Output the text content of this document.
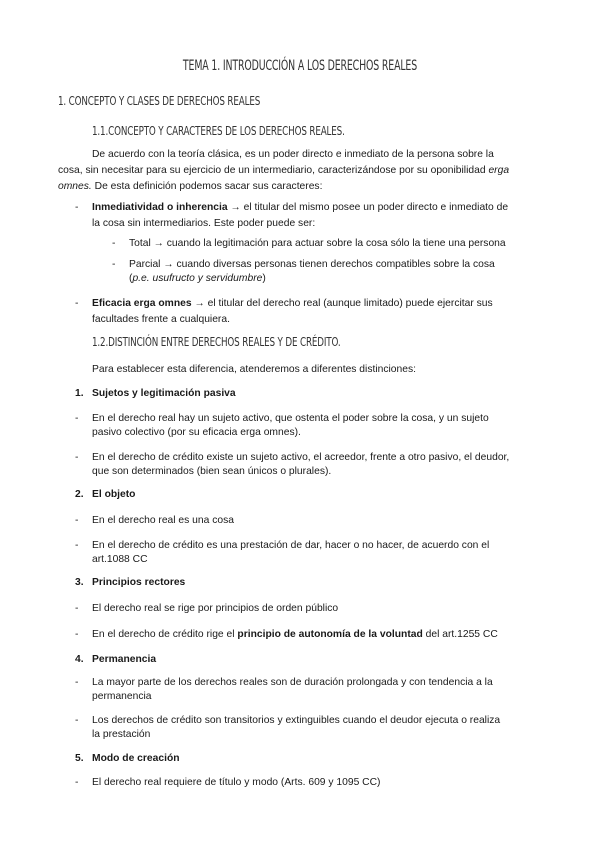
TEMA 1. INTRODUCCIÓN A LOS DERECHOS REALES
1. CONCEPTO Y CLASES DE DERECHOS REALES
1.1.CONCEPTO Y CARACTERES DE LOS DERECHOS REALES.
De acuerdo con la teoría clásica, es un poder directo e inmediato de la persona sobre la
cosa, sin necesitar para su ejercicio de un intermediario, caracterizándose por su oponibilidad erga
omnes. De esta definición podemos sacar sus caracteres:
- Inmediatividad o inherencia → el titular del mismo posee un poder directo e inmediato de
la cosa sin intermediarios. Este poder puede ser:
- Total → cuando la legitimación para actuar sobre la cosa sólo la tiene una persona
- Parcial → cuando diversas personas tienen derechos compatibles sobre la cosa
(p.e. usufructo y servidumbre)
- Eficacia erga omnes → el titular del derecho real (aunque limitado) puede ejercitar sus
facultades frente a cualquiera.
1.2.DISTINCIÓN ENTRE DERECHOS REALES Y DE CRÉDITO.
Para establecer esta diferencia, atenderemos a diferentes distinciones:
1. Sujetos y legitimación pasiva
- En el derecho real hay un sujeto activo, que ostenta el poder sobre la cosa, y un sujeto
pasivo colectivo (por su eficacia erga omnes).
- En el derecho de crédito existe un sujeto activo, el acreedor, frente a otro pasivo, el deudor,
que son determinados (bien sean únicos o plurales).
2. El objeto
- En el derecho real es una cosa
- En el derecho de crédito es una prestación de dar, hacer o no hacer, de acuerdo con el
art.1088 CC
3. Principios rectores
- El derecho real se rige por principios de orden público
- En el derecho de crédito rige el principio de autonomía de la voluntad del art.1255 CC
4. Permanencia
- La mayor parte de los derechos reales son de duración prolongada y con tendencia a la
permanencia
- Los derechos de crédito son transitorios y extinguibles cuando el deudor ejecuta o realiza
la prestación
5. Modo de creación
- El derecho real requiere de título y modo (Arts. 609 y 1095 CC)
